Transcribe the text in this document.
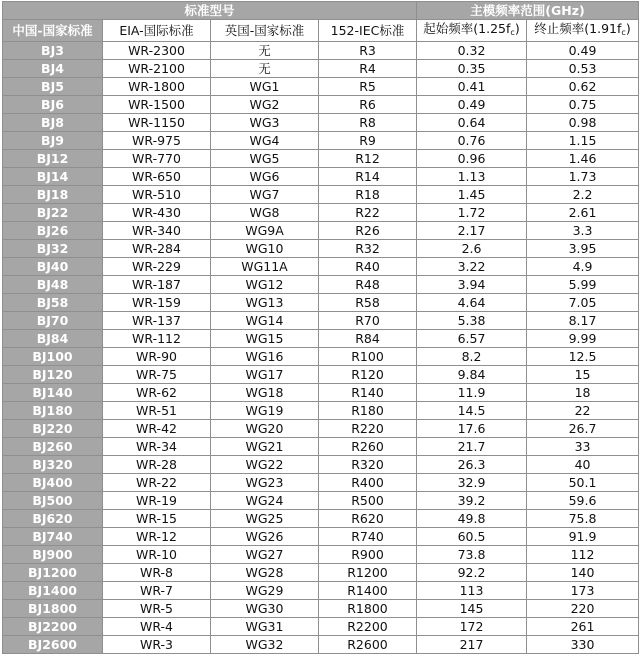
标准型号				主模频率范围(GHz)	
中国-国家标准	EIA-国际标准	英国-国家标准	152-IEC标准	起始频率$(1.25f_c)$	终止频率$(1.91f_c)$
BJ3	WR-2300	无	R3	0.32	0.49
BJ4	WR-2100	无	R4	0.35	0.53
BJ5	WR-1800	WG1	R5	0.41	0.62
BJ6	WR-1500	WG2	R6	0.49	0.75
BJ8	WR-1150	WG3	R8	0.64	0.98
BJ9	WR-975	WG4	R9	0.76	1.15
BJ12	WR-770	WG5	R12	0.96	1.46
BJ14	WR-650	WG6	R14	1.13	1.73
BJ18	WR-510	WG7	R18	1.45	2.2
BJ22	WR-430	WG8	R22	1.72	2.61
BJ26	WR-340	WG9A	R26	2.17	3.3
BJ32	WR-284	WG10	R32	2.6	3.95
BJ40	WR-229	WG11A	R40	3.22	4.9
BJ48	WR-187	WG12	R48	3.94	5.99
BJ58	WR-159	WG13	R58	4.64	7.05
BJ70	WR-137	WG14	R70	5.38	8.17
BJ84	WR-112	WG15	R84	6.57	9.99
BJ100	WR-90	WG16	R100	8.2	12.5
BJ120	WR-75	WG17	R120	9.84	15
BJ140	WR-62	WG18	R140	11.9	18
BJ180	WR-51	WG19	R180	14.5	22
BJ220	WR-42	WG20	R220	17.6	26.7
BJ260	WR-34	WG21	R260	21.7	33
BJ320	WR-28	WG22	R320	26.3	40
BJ400	WR-22	WG23	R400	32.9	50.1
BJ500	WR-19	WG24	R500	39.2	59.6
BJ620	WR-15	WG25	R620	49.8	75.8
BJ740	WR-12	WG26	R740	60.5	91.9
BJ900	WR-10	WG27	R900	73.8	112
BJ1200	WR-8	WG28	R1200	92.2	140
BJ1400	WR-7	WG29	R1400	113	173
BJ1800	WR-5	WG30	R1800	145	220
BJ2200	WR-4	WG31	R2200	172	261
BJ2600	WR-3	WG32	R2600	217	330
